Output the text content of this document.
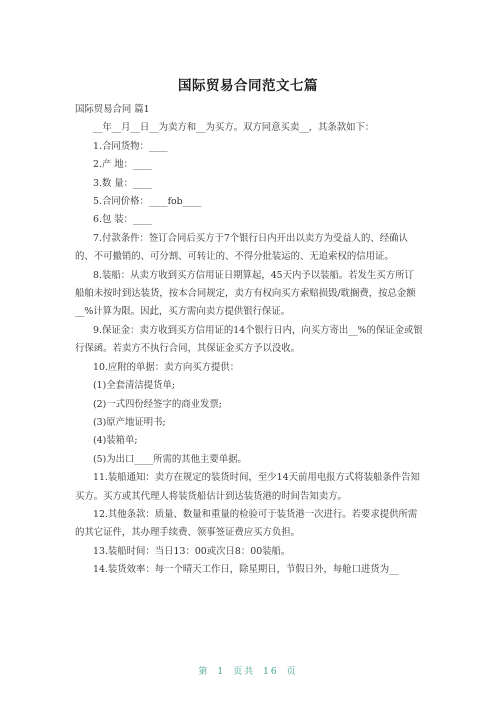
国际贸易合同范文七篇

国际贸易合同 篇1

__年__月__日__为卖方和__为买方。双方同意买卖__，其条款如下：

1.合同货物：____

2.产 地：____

3.数 量：____

5.合同价格：____fob____

6.包 装：____

7.付款条件：签订合同后买方于7个银行日内开出以卖方为受益人的、经确认的、不可撤销的、可分割、可转让的、不得分批装运的、无追索权的信用证。

8.装船：从卖方收到买方信用证日期算起，45天内予以装船。若发生买方所订船舶未按时到达装货，按本合同规定，卖方有权向买方索赔损毁/耽搁费，按总金额__%计算为限。因此，买方需向卖方提供银行保证。

9.保证金：卖方收到买方信用证的14个银行日内，向买方寄出__%的保证金或银行保函。若卖方不执行合同，其保证金买方予以没收。

10.应附的单据：卖方向买方提供：

(1)全套清洁提货单;

(2)一式四份经签字的商业发票;

(3)原产地证明书;

(4)装箱单;

(5)为出口____所需的其他主要单据。

11.装船通知：卖方在规定的装货时间，至少14天前用电报方式将装船条件告知买方。买方或其代理人将装货船估计到达装货港的时间告知卖方。

12.其他条款：质量、数量和重量的检验可于装货港一次进行。若要求提供所需的其它证件，其办理手续费、领事签证费应买方负担。

13.装船时间：当日13：00或次日8：00装船。

14.装货效率：每一个晴天工作日，除星期日，节假日外，每舱口进货为__

第 1 页共 16 页
